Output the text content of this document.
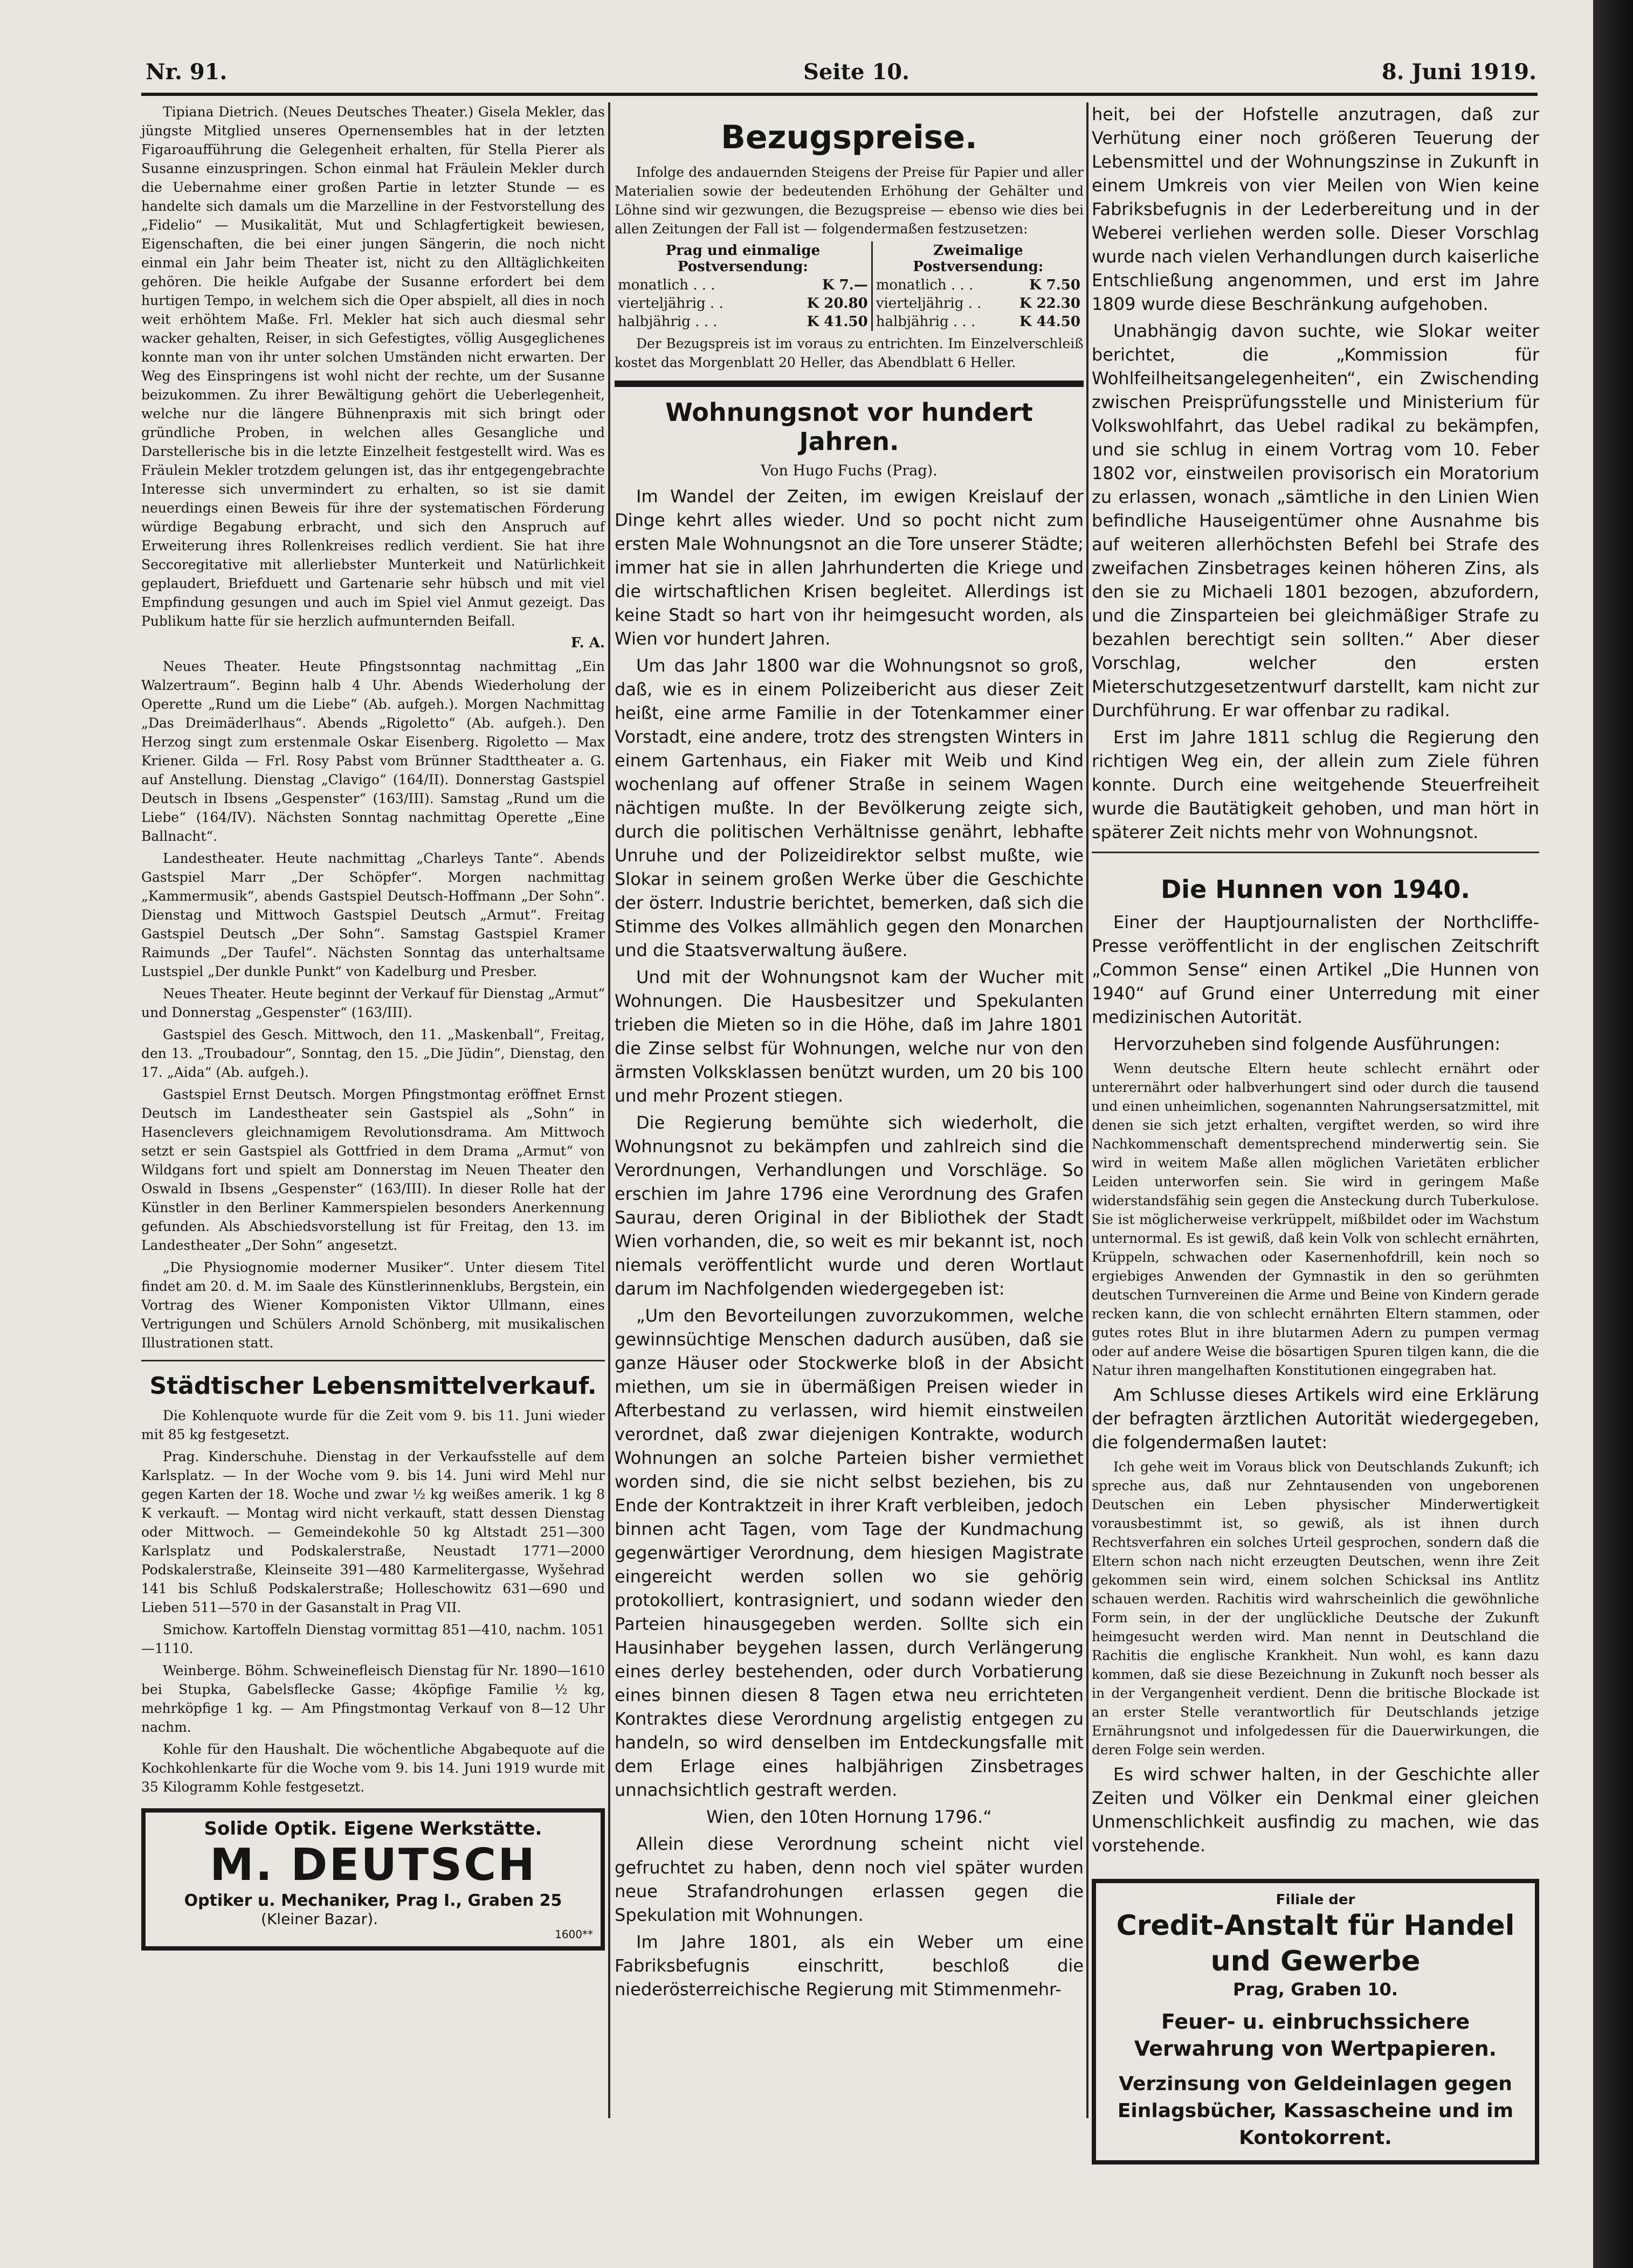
Nr. 91.	Seite 10.	8. Juni 1919.

Tipiana Dietrich. (Neues Deutsches Theater.) Gisela Mekler, das jüngste Mitglied unseres Opernensembles hat in der letzten Figaroaufführung die Gelegenheit erhalten, für Stella Pierer als Susanne einzuspringen. Schon einmal hat Fräulein Mekler durch die Uebernahme einer großen Partie in letzter Stunde — es handelte sich damals um die Marzelline in der Festvorstellung des „Fidelio“ — Musikalität, Mut und Schlagfertigkeit bewiesen, Eigenschaften, die bei einer jungen Sängerin, die noch nicht einmal ein Jahr beim Theater ist, nicht zu den Alltäglichkeiten gehören. Die heikle Aufgabe der Susanne erfordert bei dem hurtigen Tempo, in welchem sich die Oper abspielt, all dies in noch weit erhöhtem Maße. Frl. Mekler hat sich auch diesmal sehr wacker gehalten, Reiser, in sich Gefestigtes, völlig Ausgeglichenes konnte man von ihr unter solchen Umständen nicht erwarten. Der Weg des Einspringens ist wohl nicht der rechte, um der Susanne beizukommen. Zu ihrer Bewältigung gehört die Ueberlegenheit, welche nur die längere Bühnenpraxis mit sich bringt oder gründliche Proben, in welchen alles Gesangliche und Darstellerische bis in die letzte Einzelheit festgestellt wird. Was es Fräulein Mekler trotzdem gelungen ist, das ihr entgegengebrachte Interesse sich unvermindert zu erhalten, so ist sie damit neuerdings einen Beweis für ihre der systematischen Förderung würdige Begabung erbracht, und sich den Anspruch auf Erweiterung ihres Rollenkreises redlich verdient. Sie hat ihre Seccoregitative mit allerliebster Munterkeit und Natürlichkeit geplaudert, Briefduett und Gartenarie sehr hübsch und mit viel Empfindung gesungen und auch im Spiel viel Anmut gezeigt. Das Publikum hatte für sie herzlich aufmunternden Beifall.

F. A.

Neues Theater. Heute Pfingstsonntag nachmittag „Ein Walzertraum“. Beginn halb 4 Uhr. Abends Wiederholung der Operette „Rund um die Liebe“ (Ab. aufgeh.). Morgen Nachmittag „Das Dreimäderlhaus“. Abends „Rigoletto“ (Ab. aufgeh.). Den Herzog singt zum erstenmale Oskar Eisenberg. Rigoletto — Max Kriener. Gilda — Frl. Rosy Pabst vom Brünner Stadttheater a. G. auf Anstellung. Dienstag „Clavigo“ (164/II). Donnerstag Gastspiel Deutsch in Ibsens „Gespenster“ (163/III). Samstag „Rund um die Liebe“ (164/IV). Nächsten Sonntag nachmittag Operette „Eine Ballnacht“.

Landestheater. Heute nachmittag „Charleys Tante“. Abends Gastspiel Marr „Der Schöpfer“. Morgen nachmittag „Kammermusik“, abends Gastspiel Deutsch-Hoffmann „Der Sohn“. Dienstag und Mittwoch Gastspiel Deutsch „Armut“. Freitag Gastspiel Deutsch „Der Sohn“. Samstag Gastspiel Kramer Raimunds „Der Taufel“. Nächsten Sonntag das unterhaltsame Lustspiel „Der dunkle Punkt“ von Kadelburg und Presber.

Neues Theater. Heute beginnt der Verkauf für Dienstag „Armut“ und Donnerstag „Gespenster“ (163/III).

Gastspiel des Gesch. Mittwoch, den 11. „Maskenball“, Freitag, den 13. „Troubadour“, Sonntag, den 15. „Die Jüdin“, Dienstag, den 17. „Aida“ (Ab. aufgeh.).

Gastspiel Ernst Deutsch. Morgen Pfingstmontag eröffnet Ernst Deutsch im Landestheater sein Gastspiel als „Sohn“ in Hasenclevers gleichnamigem Revolutionsdrama. Am Mittwoch setzt er sein Gastspiel als Gottfried in dem Drama „Armut“ von Wildgans fort und spielt am Donnerstag im Neuen Theater den Oswald in Ibsens „Gespenster“ (163/III). In dieser Rolle hat der Künstler in den Berliner Kammerspielen besonders Anerkennung gefunden. Als Abschiedsvorstellung ist für Freitag, den 13. im Landestheater „Der Sohn“ angesetzt.

„Die Physiognomie moderner Musiker“. Unter diesem Titel findet am 20. d. M. im Saale des Künstlerinnenklubs, Bergstein, ein Vortrag des Wiener Komponisten Viktor Ullmann, eines Vertrigungen und Schülers Arnold Schönberg, mit musikalischen Illustrationen statt.

Städtischer Lebensmittelverkauf.

Die Kohlenquote wurde für die Zeit vom 9. bis 11. Juni wieder mit 85 kg festgesetzt.

Prag. Kinderschuhe. Dienstag in der Verkaufsstelle auf dem Karlsplatz. — In der Woche vom 9. bis 14. Juni wird Mehl nur gegen Karten der 18. Woche und zwar ½ kg weißes amerik. 1 kg 8 K verkauft. — Montag wird nicht verkauft, statt dessen Dienstag oder Mittwoch. — Gemeindekohle 50 kg Altstadt 251—300 Karlsplatz und Podskalerstraße, Neustadt 1771—2000 Podskalerstraße, Kleinseite 391—480 Karmelitergasse, Wyšehrad 141 bis Schluß Podskalerstraße; Holleschowitz 631—690 und Lieben 511—570 in der Gasanstalt in Prag VII.

Smichow. Kartoffeln Dienstag vormittag 851—410, nachm. 1051—1110.

Weinberge. Böhm. Schweinefleisch Dienstag für Nr. 1890—1610 bei Stupka, Gabelsflecke Gasse; 4köpfige Familie ½ kg, mehrköpfige 1 kg. — Am Pfingstmontag Verkauf von 8—12 Uhr nachm.

Kohle für den Haushalt. Die wöchentliche Abgabequote auf die Kochkohlenkarte für die Woche vom 9. bis 14. Juni 1919 wurde mit 35 Kilogramm Kohle festgesetzt.

Solide Optik. Eigene Werkstätte.
M. DEUTSCH
Optiker u. Mechaniker, Prag I., Graben 25
(Kleiner Bazar).
1600**
Bezugspreise.

Infolge des andauernden Steigens der Preise für Papier und aller Materialien sowie der bedeutenden Erhöhung der Gehälter und Löhne sind wir gezwungen, die Bezugspreise — ebenso wie dies bei allen Zeitungen der Fall ist — folgendermaßen festzusetzen:

Prag und einmalige Postversendung:		Zweimalige Postversendung:	
monatlich . . .	K 7.—	monatlich . . .	K 7.50
vierteljährig . .	K 20.80	vierteljährig . .	K 22.30
halbjährig . . .	K 41.50	halbjährig . . .	K 44.50

Der Bezugspreis ist im voraus zu entrichten. Im Einzelverschleiß kostet das Morgenblatt 20 Heller, das Abendblatt 6 Heller.

Wohnungsnot vor hundert Jahren.
Von Hugo Fuchs (Prag).

Im Wandel der Zeiten, im ewigen Kreislauf der Dinge kehrt alles wieder. Und so pocht nicht zum ersten Male Wohnungsnot an die Tore unserer Städte; immer hat sie in allen Jahrhunderten die Kriege und die wirtschaftlichen Krisen begleitet. Allerdings ist keine Stadt so hart von ihr heimgesucht worden, als Wien vor hundert Jahren.

Um das Jahr 1800 war die Wohnungsnot so groß, daß, wie es in einem Polizeibericht aus dieser Zeit heißt, eine arme Familie in der Totenkammer einer Vorstadt, eine andere, trotz des strengsten Winters in einem Gartenhaus, ein Fiaker mit Weib und Kind wochenlang auf offener Straße in seinem Wagen nächtigen mußte. In der Bevölkerung zeigte sich, durch die politischen Verhältnisse genährt, lebhafte Unruhe und der Polizeidirektor selbst mußte, wie Slokar in seinem großen Werke über die Geschichte der österr. Industrie berichtet, bemerken, daß sich die Stimme des Volkes allmählich gegen den Monarchen und die Staatsverwaltung äußere.

Und mit der Wohnungsnot kam der Wucher mit Wohnungen. Die Hausbesitzer und Spekulanten trieben die Mieten so in die Höhe, daß im Jahre 1801 die Zinse selbst für Wohnungen, welche nur von den ärmsten Volksklassen benützt wurden, um 20 bis 100 und mehr Prozent stiegen.

Die Regierung bemühte sich wiederholt, die Wohnungsnot zu bekämpfen und zahlreich sind die Verordnungen, Verhandlungen und Vorschläge. So erschien im Jahre 1796 eine Verordnung des Grafen Saurau, deren Original in der Bibliothek der Stadt Wien vorhanden, die, so weit es mir bekannt ist, noch niemals veröffentlicht wurde und deren Wortlaut darum im Nachfolgenden wiedergegeben ist:

„Um den Bevorteilungen zuvorzukommen, welche gewinnsüchtige Menschen dadurch ausüben, daß sie ganze Häuser oder Stockwerke bloß in der Absicht miethen, um sie in übermäßigen Preisen wieder in Afterbestand zu verlassen, wird hiemit einstweilen verordnet, daß zwar diejenigen Kontrakte, wodurch Wohnungen an solche Parteien bisher vermiethet worden sind, die sie nicht selbst beziehen, bis zu Ende der Kontraktzeit in ihrer Kraft verbleiben, jedoch binnen acht Tagen, vom Tage der Kundmachung gegenwärtiger Verordnung, dem hiesigen Magistrate eingereicht werden sollen wo sie gehörig protokolliert, kontrasigniert, und sodann wieder den Parteien hinausgegeben werden. Sollte sich ein Hausinhaber beygehen lassen, durch Verlängerung eines derley bestehenden, oder durch Vorbatierung eines binnen diesen 8 Tagen etwa neu errichteten Kontraktes diese Verordnung argelistig entgegen zu handeln, so wird denselben im Entdeckungsfalle mit dem Erlage eines halbjährigen Zinsbetrages unnachsichtlich gestraft werden.

Wien, den 10ten Hornung 1796.“

Allein diese Verordnung scheint nicht viel gefruchtet zu haben, denn noch viel später wurden neue Strafandrohungen erlassen gegen die Spekulation mit Wohnungen.

Im Jahre 1801, als ein Weber um eine Fabriksbefugnis einschritt, beschloß die niederösterreichische Regierung mit Stimmenmehr-

heit, bei der Hofstelle anzutragen, daß zur Verhütung einer noch größeren Teuerung der Lebensmittel und der Wohnungszinse in Zukunft in einem Umkreis von vier Meilen von Wien keine Fabriksbefugnis in der Lederbereitung und in der Weberei verliehen werden solle. Dieser Vorschlag wurde nach vielen Verhandlungen durch kaiserliche Entschließung angenommen, und erst im Jahre 1809 wurde diese Beschränkung aufgehoben.

Unabhängig davon suchte, wie Slokar weiter berichtet, die „Kommission für Wohlfeilheitsangelegenheiten“, ein Zwischending zwischen Preisprüfungsstelle und Ministerium für Volkswohlfahrt, das Uebel radikal zu bekämpfen, und sie schlug in einem Vortrag vom 10. Feber 1802 vor, einstweilen provisorisch ein Moratorium zu erlassen, wonach „sämtliche in den Linien Wien befindliche Hauseigentümer ohne Ausnahme bis auf weiteren allerhöchsten Befehl bei Strafe des zweifachen Zinsbetrages keinen höheren Zins, als den sie zu Michaeli 1801 bezogen, abzufordern, und die Zinsparteien bei gleichmäßiger Strafe zu bezahlen berechtigt sein sollten.“ Aber dieser Vorschlag, welcher den ersten Mieterschutzgesetzentwurf darstellt, kam nicht zur Durchführung. Er war offenbar zu radikal.

Erst im Jahre 1811 schlug die Regierung den richtigen Weg ein, der allein zum Ziele führen konnte. Durch eine weitgehende Steuerfreiheit wurde die Bautätigkeit gehoben, und man hört in späterer Zeit nichts mehr von Wohnungsnot.

Die Hunnen von 1940.

Einer der Hauptjournalisten der Northcliffe-Presse veröffentlicht in der englischen Zeitschrift „Common Sense“ einen Artikel „Die Hunnen von 1940“ auf Grund einer Unterredung mit einer medizinischen Autorität.

Hervorzuheben sind folgende Ausführungen:

Wenn deutsche Eltern heute schlecht ernährt oder unterernährt oder halbverhungert sind oder durch die tausend und einen unheimlichen, sogenannten Nahrungsersatzmittel, mit denen sie sich jetzt erhalten, vergiftet werden, so wird ihre Nachkommenschaft dementsprechend minderwertig sein. Sie wird in weitem Maße allen möglichen Varietäten erblicher Leiden unterworfen sein. Sie wird in geringem Maße widerstandsfähig sein gegen die Ansteckung durch Tuberkulose. Sie ist möglicherweise verkrüppelt, mißbildet oder im Wachstum unternormal. Es ist gewiß, daß kein Volk von schlecht ernährten, Krüppeln, schwachen oder Kasernenhofdrill, kein noch so ergiebiges Anwenden der Gymnastik in den so gerühmten deutschen Turnvereinen die Arme und Beine von Kindern gerade recken kann, die von schlecht ernährten Eltern stammen, oder gutes rotes Blut in ihre blutarmen Adern zu pumpen vermag oder auf andere Weise die bösartigen Spuren tilgen kann, die die Natur ihren mangelhaften Konstitutionen eingegraben hat.

Am Schlusse dieses Artikels wird eine Erklärung der befragten ärztlichen Autorität wiedergegeben, die folgendermaßen lautet:

Ich gehe weit im Voraus blick von Deutschlands Zukunft; ich spreche aus, daß nur Zehntausenden von ungeborenen Deutschen ein Leben physischer Minderwertigkeit vorausbestimmt ist, so gewiß, als ist ihnen durch Rechtsverfahren ein solches Urteil gesprochen, sondern daß die Eltern schon nach nicht erzeugten Deutschen, wenn ihre Zeit gekommen sein wird, einem solchen Schicksal ins Antlitz schauen werden. Rachitis wird wahrscheinlich die gewöhnliche Form sein, in der der unglückliche Deutsche der Zukunft heimgesucht werden wird. Man nennt in Deutschland die Rachitis die englische Krankheit. Nun wohl, es kann dazu kommen, daß sie diese Bezeichnung in Zukunft noch besser als in der Vergangenheit verdient. Denn die britische Blockade ist an erster Stelle verantwortlich für Deutschlands jetzige Ernährungsnot und infolgedessen für die Dauerwirkungen, die deren Folge sein werden.

Es wird schwer halten, in der Geschichte aller Zeiten und Völker ein Denkmal einer gleichen Unmenschlichkeit ausfindig zu machen, wie das vorstehende.

Filiale der
Credit-Anstalt für Handel und Gewerbe
Prag, Graben 10.
Feuer- u. einbruchssichere Verwahrung von Wertpapieren.
Verzinsung von Geldeinlagen gegen Einlagsbücher, Kassascheine und im Kontokorrent.
